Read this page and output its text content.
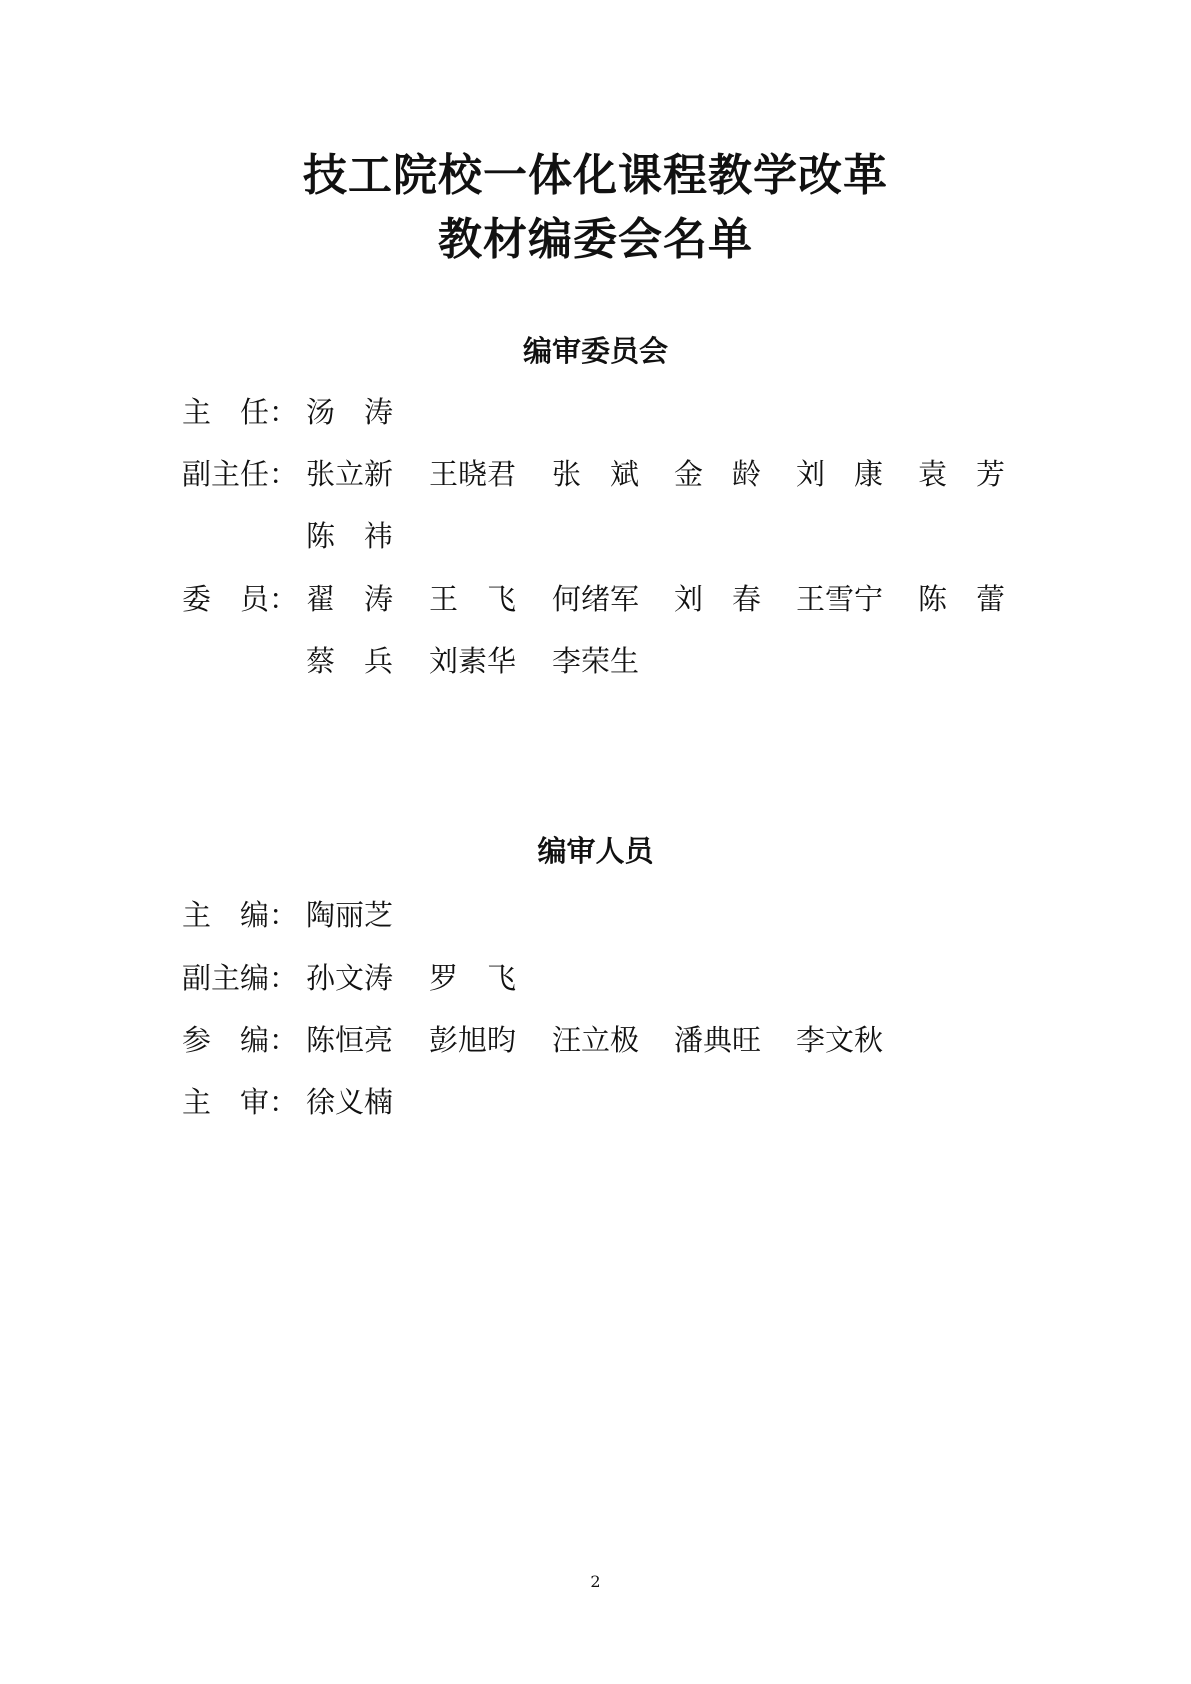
技工院校一体化课程教学改革
教材编委会名单
编审委员会
主　任： 汤　涛
副主任： 张立新 王晓君 张　斌 金　龄 刘　康 袁　芳
陈　祎
委　员： 翟　涛 王　飞 何绪军 刘　春 王雪宁 陈　蕾
蔡　兵 刘素华 李荣生
编审人员
主　编： 陶丽芝
副主编： 孙文涛 罗　飞
参　编： 陈恒亮 彭旭昀 汪立极 潘典旺 李文秋
主　审： 徐义楠
2
